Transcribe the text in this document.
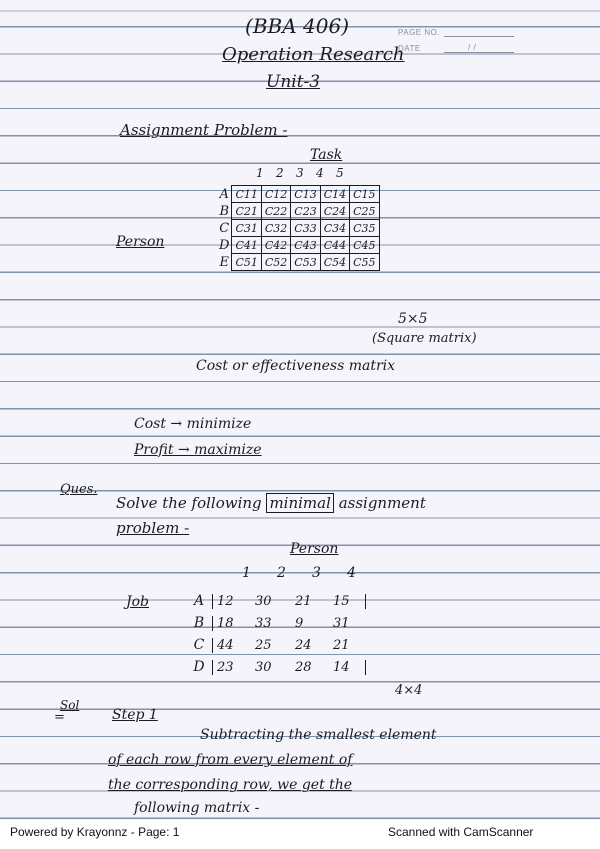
(BBA 406)	PAGE NO.
DATE	/ /
Operation Research
Unit-3
Assignment Problem -
Task
1	2	3	4	5
Person
A	C11	C12	C13	C14	C15
B	C21	C22	C23	C24	C25
C	C31	C32	C33	C34	C35
D	C41	C42	C43	C44	C45
E	C51	C52	C53	C54	C55
5×5
(Square matrix)
Cost or effectiveness matrix
Cost → minimize
Profit → maximize
Ques.
Solve the following minimal assignment
problem -
Person
1	2	3	4
Job	A 12	30	21	15
B 18	33	9	31
C 44	25	24	21
D 23	30	28	14
4×4
Sol
=	Step 1
Subtracting the smallest element
of each row from every element of
the corresponding row, we get the
following matrix -
Powered by Krayonnz - Page: 1	Scanned with CamScanner
